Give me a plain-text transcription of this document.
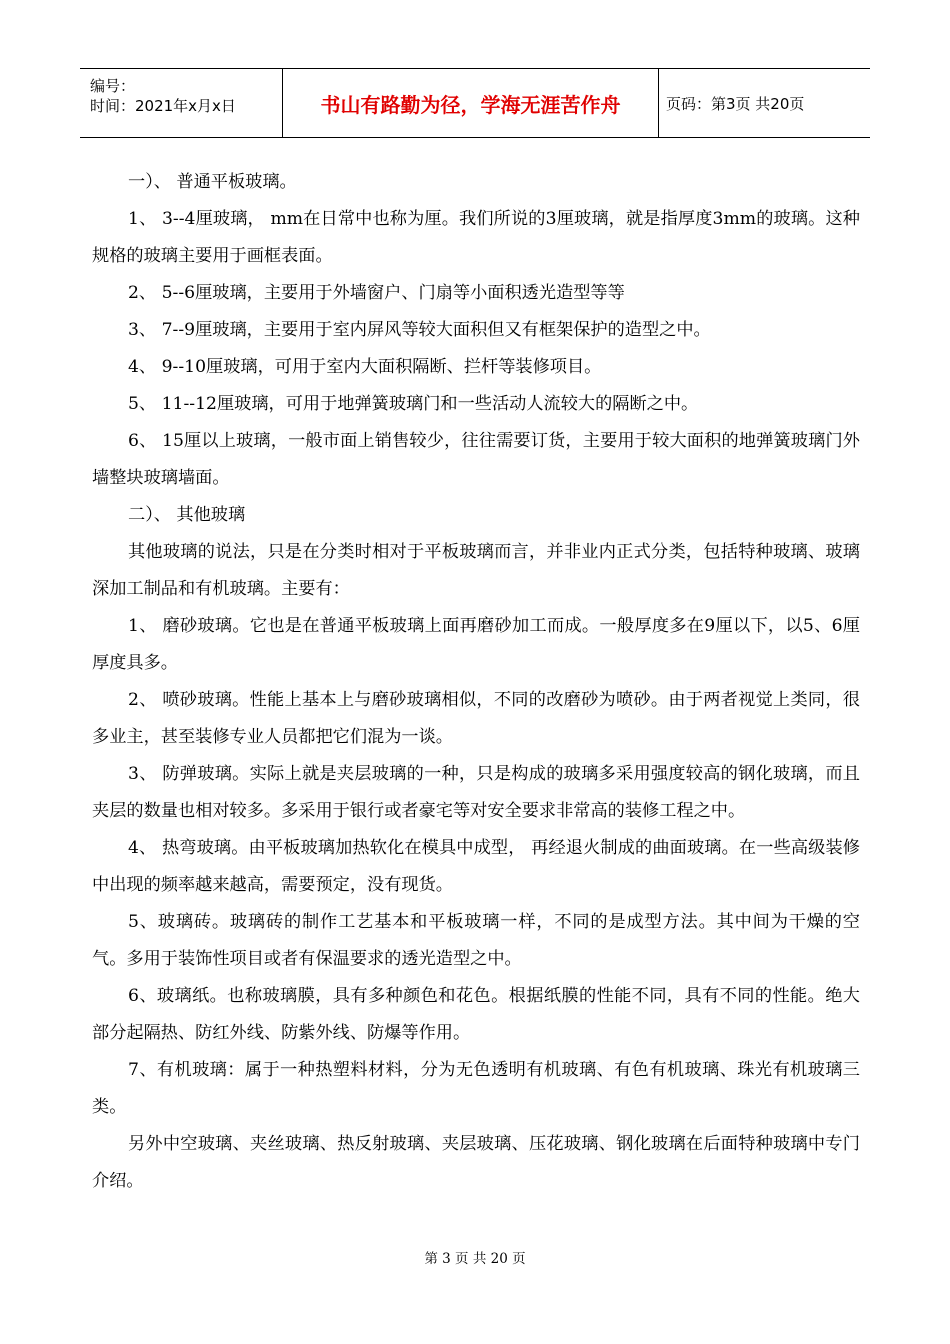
编号：
时间：2021年x月x日	书山有路勤为径，学海无涯苦作舟	页码：第3页 共20页

一）、 普通平板玻璃。

1、 3--4厘玻璃， mm在日常中也称为厘。我们所说的3厘玻璃，就是指厚度3mm的玻璃。这种规格的玻璃主要用于画框表面。

2、 5--6厘玻璃，主要用于外墙窗户、门扇等小面积透光造型等等

3、 7--9厘玻璃，主要用于室内屏风等较大面积但又有框架保护的造型之中。

4、 9--10厘玻璃，可用于室内大面积隔断、拦杆等装修项目。

5、 11--12厘玻璃，可用于地弹簧玻璃门和一些活动人流较大的隔断之中。

6、 15厘以上玻璃，一般市面上销售较少，往往需要订货，主要用于较大面积的地弹簧玻璃门外墙整块玻璃墙面。

二）、 其他玻璃

其他玻璃的说法，只是在分类时相对于平板玻璃而言，并非业内正式分类，包括特种玻璃、玻璃深加工制品和有机玻璃。主要有：

1、 磨砂玻璃。它也是在普通平板玻璃上面再磨砂加工而成。一般厚度多在9厘以下，以5、6厘厚度具多。

2、 喷砂玻璃。性能上基本上与磨砂玻璃相似，不同的改磨砂为喷砂。由于两者视觉上类同，很多业主，甚至装修专业人员都把它们混为一谈。

3、 防弹玻璃。实际上就是夹层玻璃的一种，只是构成的玻璃多采用强度较高的钢化玻璃，而且夹层的数量也相对较多。多采用于银行或者豪宅等对安全要求非常高的装修工程之中。

4、 热弯玻璃。由平板玻璃加热软化在模具中成型， 再经退火制成的曲面玻璃。在一些高级装修中出现的频率越来越高，需要预定，没有现货。

5、玻璃砖。玻璃砖的制作工艺基本和平板玻璃一样，不同的是成型方法。其中间为干燥的空气。多用于装饰性项目或者有保温要求的透光造型之中。

6、玻璃纸。也称玻璃膜，具有多种颜色和花色。根据纸膜的性能不同，具有不同的性能。绝大部分起隔热、防红外线、防紫外线、防爆等作用。

7、有机玻璃：属于一种热塑料材料，分为无色透明有机玻璃、有色有机玻璃、珠光有机玻璃三类。

另外中空玻璃、夹丝玻璃、热反射玻璃、夹层玻璃、压花玻璃、钢化玻璃在后面特种玻璃中专门介绍。

第 3 页 共 20 页
